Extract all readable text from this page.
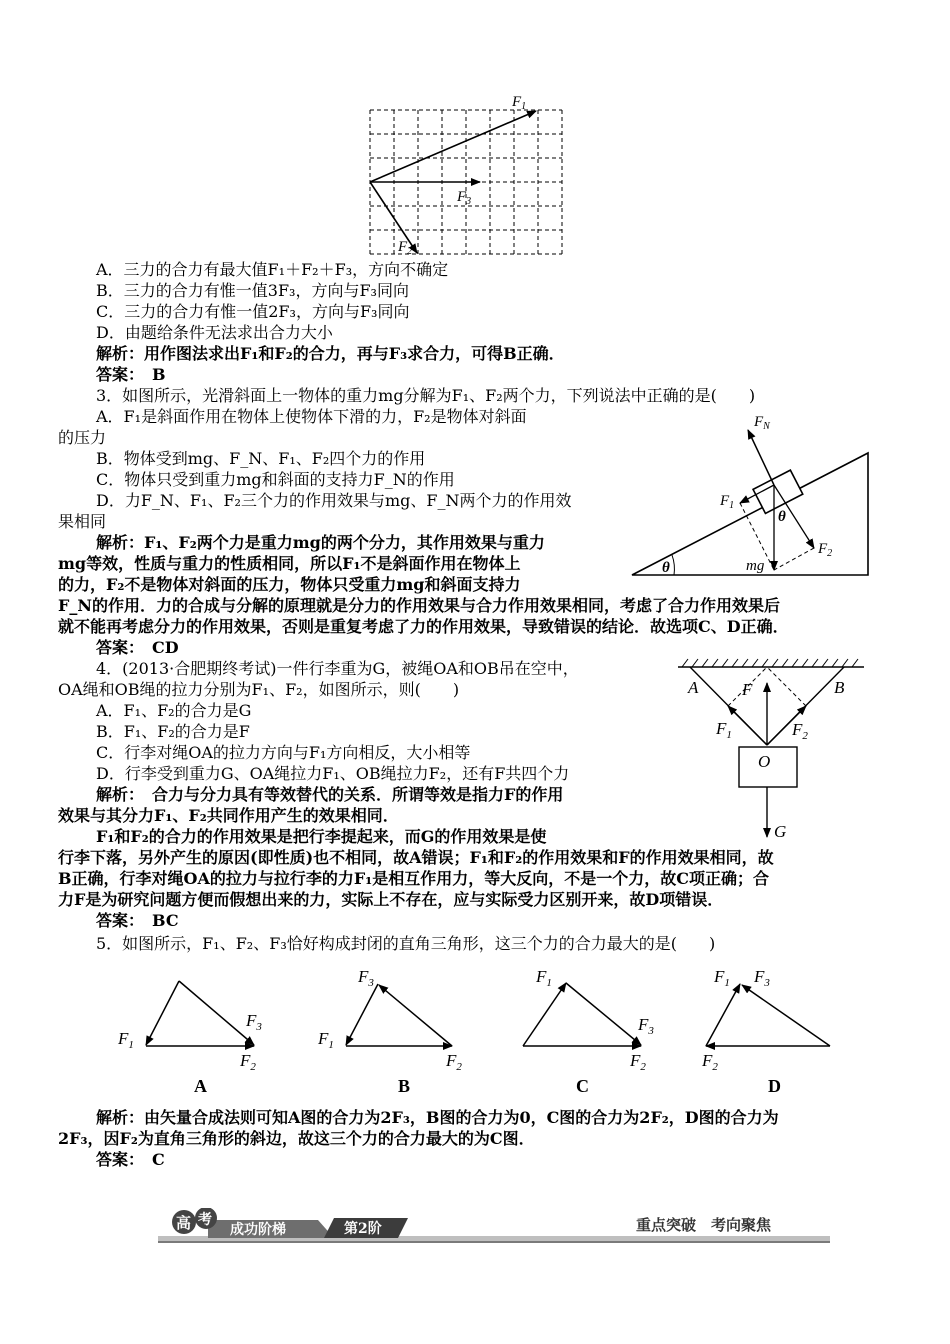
$F_1$
$F_3$
$F_2$
A．三力的合力有最大值F₁＋F₂＋F₃，方向不确定
B．三力的合力有惟一值3F₃，方向与F₃同向
C．三力的合力有惟一值2F₃，方向与F₃同向
D．由题给条件无法求出合力大小
解析：用作图法求出F₁和F₂的合力，再与F₃求合力，可得B正确．
答案：　B
3．如图所示，光滑斜面上一物体的重力mg分解为F₁、F₂两个力，下列说法中正确的是(　　)
A．F₁是斜面作用在物体上使物体下滑的力，F₂是物体对斜面
的压力
B．物体受到mg、F_N、F₁、F₂四个力的作用
C．物体只受到重力mg和斜面的支持力F_N的作用
D．力F_N、F₁、F₂三个力的作用效果与mg、F_N两个力的作用效
果相同
解析：F₁、F₂两个力是重力mg的两个分力，其作用效果与重力
mg等效，性质与重力的性质相同，所以F₁不是斜面作用在物体上
的力，F₂不是物体对斜面的压力，物体只受重力mg和斜面支持力
F_N的作用．力的合成与分解的原理就是分力的作用效果与合力作用效果相同，考虑了合力作用效果后
就不能再考虑分力的作用效果，否则是重复考虑了力的作用效果，导致错误的结论．故选项C、D正确．
答案：　CD
$F_N$
$F_1$
$F_2$
θ
θ	mg
4．(2013·合肥期终考试)一件行李重为G，被绳OA和OB吊在空中，
OA绳和OB绳的拉力分别为F₁、F₂，如图所示，则(　　)
A．F₁、F₂的合力是G
B．F₁、F₂的合力是F
C．行李对绳OA的拉力方向与F₁方向相反，大小相等
D．行李受到重力G、OA绳拉力F₁、OB绳拉力F₂，还有F共四个力
解析：　合力与分力具有等效替代的关系．所谓等效是指力F的作用
效果与其分力F₁、F₂共同作用产生的效果相同．
F₁和F₂的合力的作用效果是把行李提起来，而G的作用效果是使
行李下落，另外产生的原因(即性质)也不相同，故A错误；F₁和F₂的作用效果和F的作用效果相同，故
B正确，行李对绳OA的拉力与拉行李的力F₁是相互作用力，等大反向，不是一个力，故C项正确；合
力F是为研究问题方便而假想出来的力，实际上不存在，应与实际受力区别开来，故D项错误．
答案：　BC
A	B
F
$F_1$	$F_2$
O
G
5．如图所示，F₁、F₂、F₃恰好构成封闭的直角三角形，这三个力的合力最大的是(　　)
$F_1$
$F_3$
$F_2$
A
$F_1$
$F_3$
$F_2$
B
$F_1$
$F_3$
$F_2$
C
$F_1$ $F_3$
$F_2$
D
解析：由矢量合成法则可知A图的合力为2F₃，B图的合力为0，C图的合力为2F₂，D图的合力为
2F₃，因F₂为直角三角形的斜边，故这三个力的合力最大的为C图．
答案：　C
高 考
成功阶梯	第2阶	重点突破　考向聚焦
